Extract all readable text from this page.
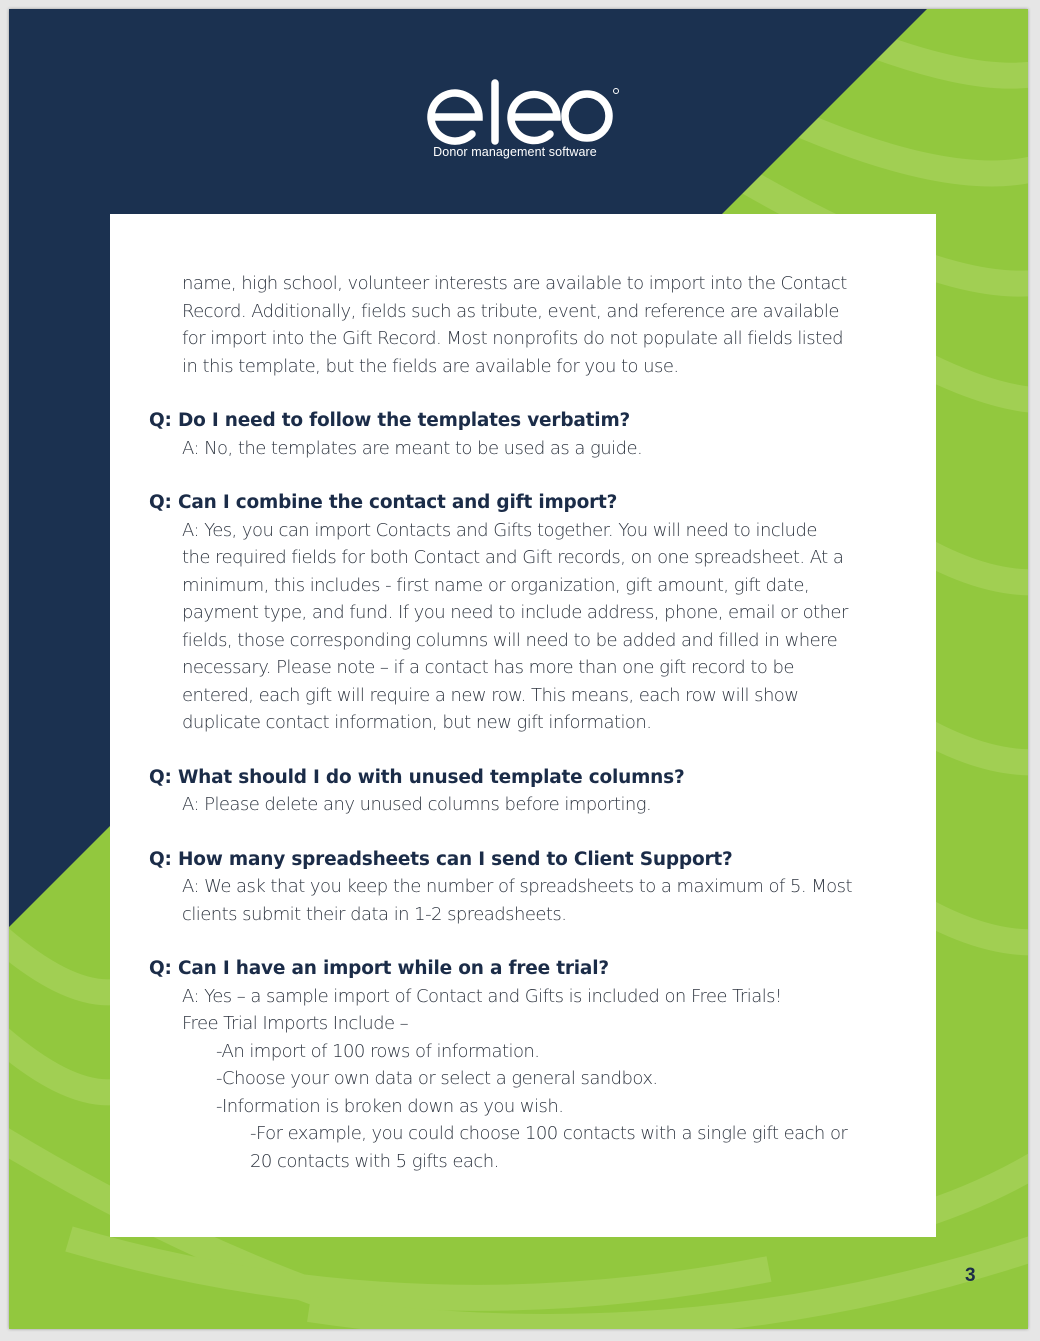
Donor management software

name, high school, volunteer interests are available to import into the Contact

Record. Additionally, fields such as tribute, event, and reference are available

for import into the Gift Record. Most nonprofits do not populate all fields listed

in this template, but the fields are available for you to use.

Q: Do I need to follow the templates verbatim?

A: No, the templates are meant to be used as a guide.

Q: Can I combine the contact and gift import?

A: Yes, you can import Contacts and Gifts together. You will need to include

the required fields for both Contact and Gift records, on one spreadsheet. At a

minimum, this includes - first name or organization, gift amount, gift date,

payment type, and fund. If you need to include address, phone, email or other

fields, those corresponding columns will need to be added and filled in where

necessary. Please note – if a contact has more than one gift record to be

entered, each gift will require a new row. This means, each row will show

duplicate contact information, but new gift information.

Q: What should I do with unused template columns?

A: Please delete any unused columns before importing.

Q: How many spreadsheets can I send to Client Support?

A: We ask that you keep the number of spreadsheets to a maximum of 5. Most

clients submit their data in 1-2 spreadsheets.

Q: Can I have an import while on a free trial?

A: Yes – a sample import of Contact and Gifts is included on Free Trials!

Free Trial Imports Include –

-An import of 100 rows of information.

-Choose your own data or select a general sandbox.

-Information is broken down as you wish.

-For example, you could choose 100 contacts with a single gift each or

20 contacts with 5 gifts each.

3
